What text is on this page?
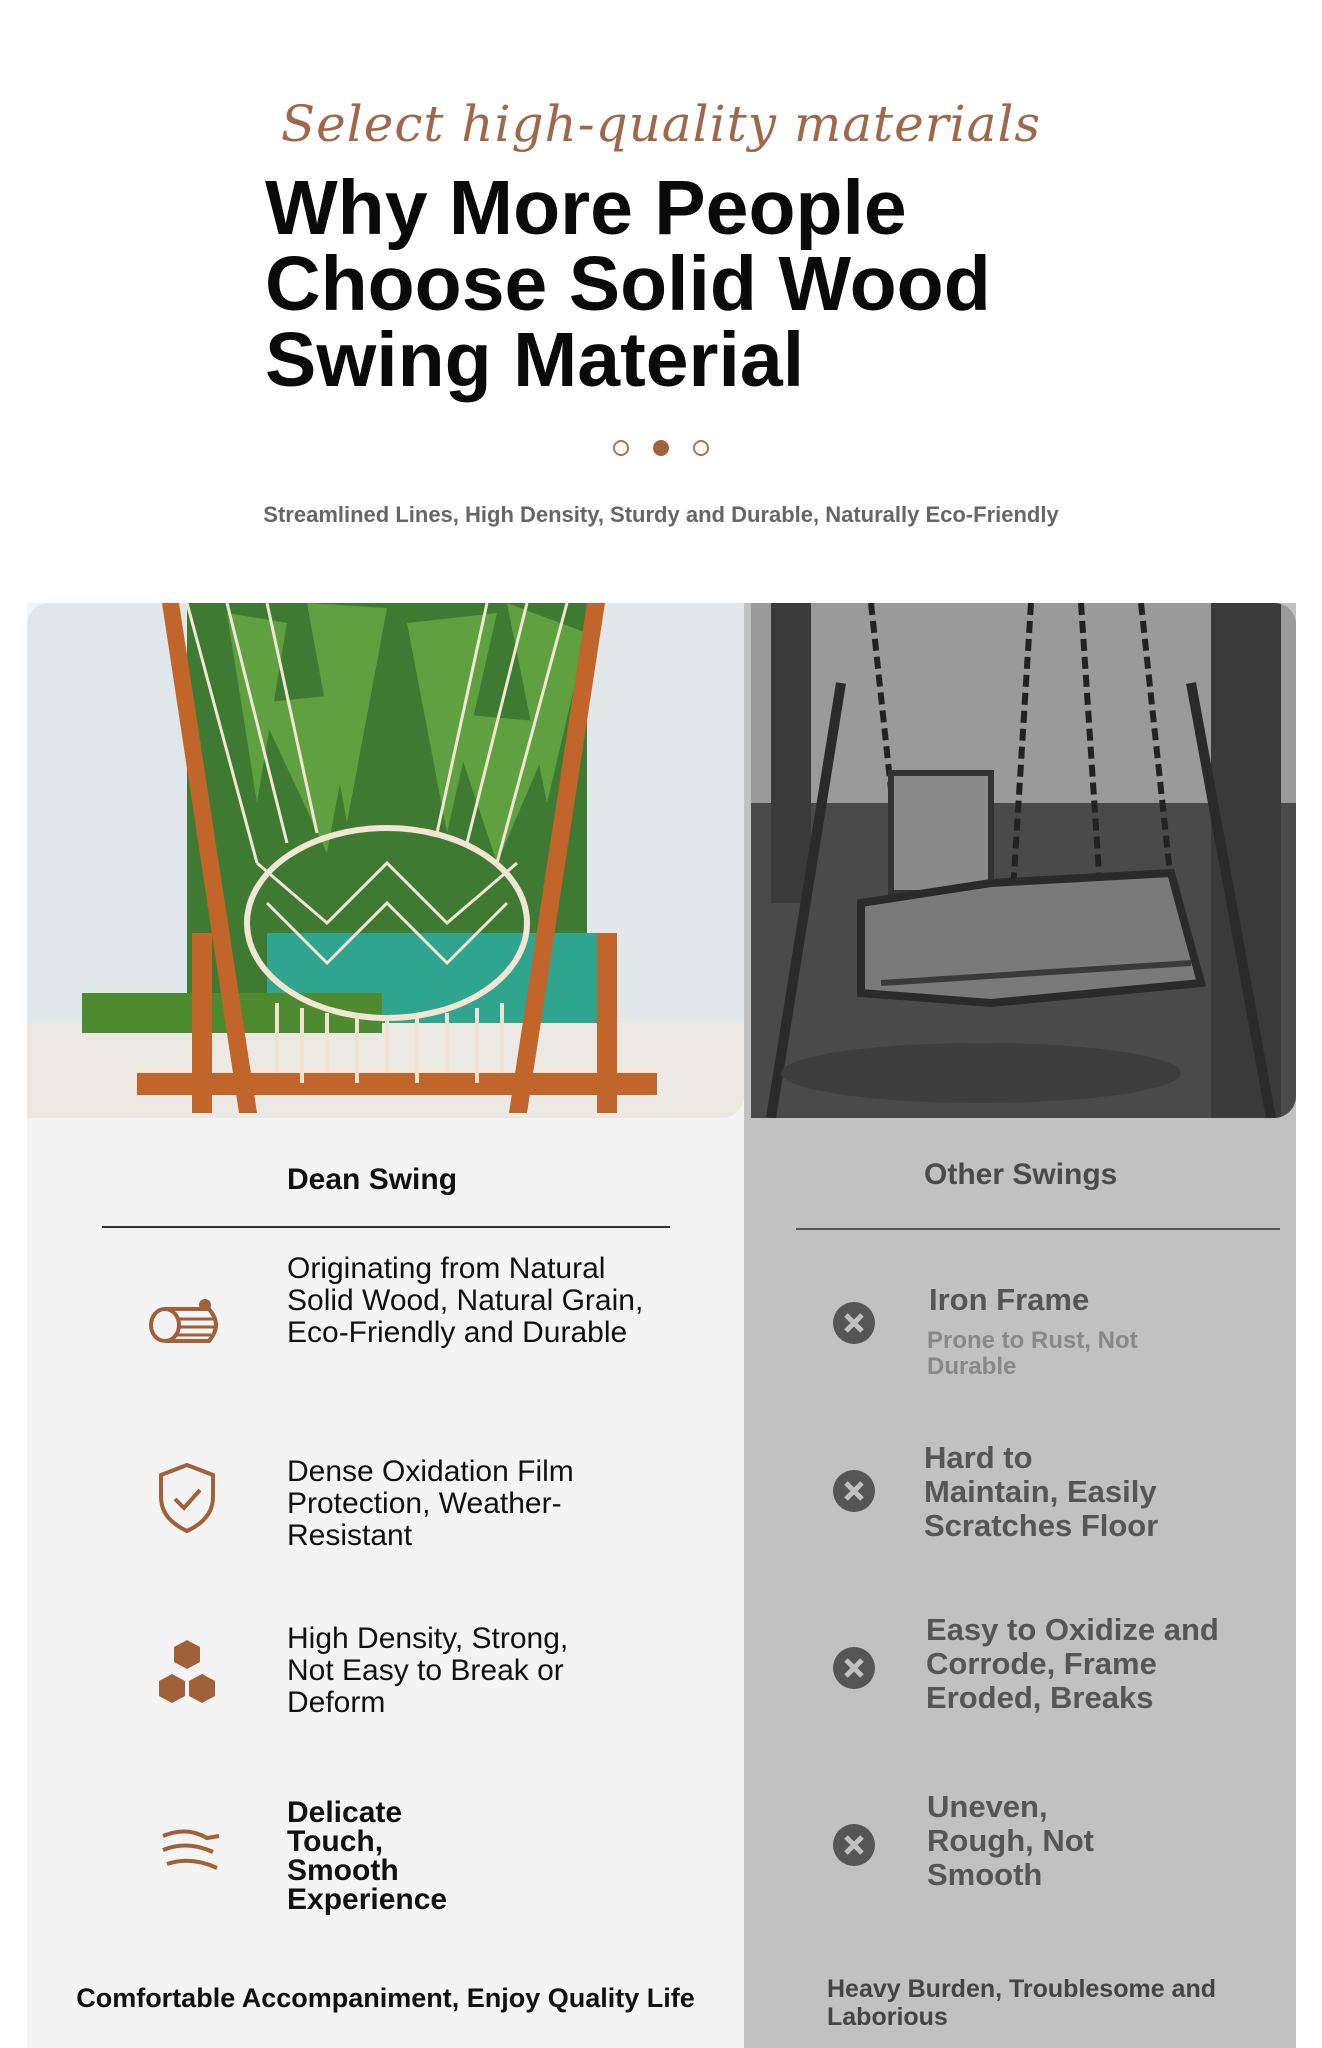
Select high-quality materials
Why More People
Choose Solid Wood
Swing Material
Streamlined Lines, High Density, Sturdy and Durable, Naturally Eco-Friendly
Dean Swing
Originating from Natural Solid Wood, Natural Grain, Eco-Friendly and Durable
Dense Oxidation Film Protection, Weather-Resistant
High Density, Strong, Not Easy to Break or Deform
Delicate Touch, Smooth Experience
Comfortable Accompaniment, Enjoy Quality Life
Other Swings
Iron Frame
Prone to Rust, Not Durable
Hard to Maintain, Easily Scratches Floor
Easy to Oxidize and Corrode, Frame Eroded, Breaks
Uneven, Rough, Not Smooth
Heavy Burden, Troublesome and Laborious
